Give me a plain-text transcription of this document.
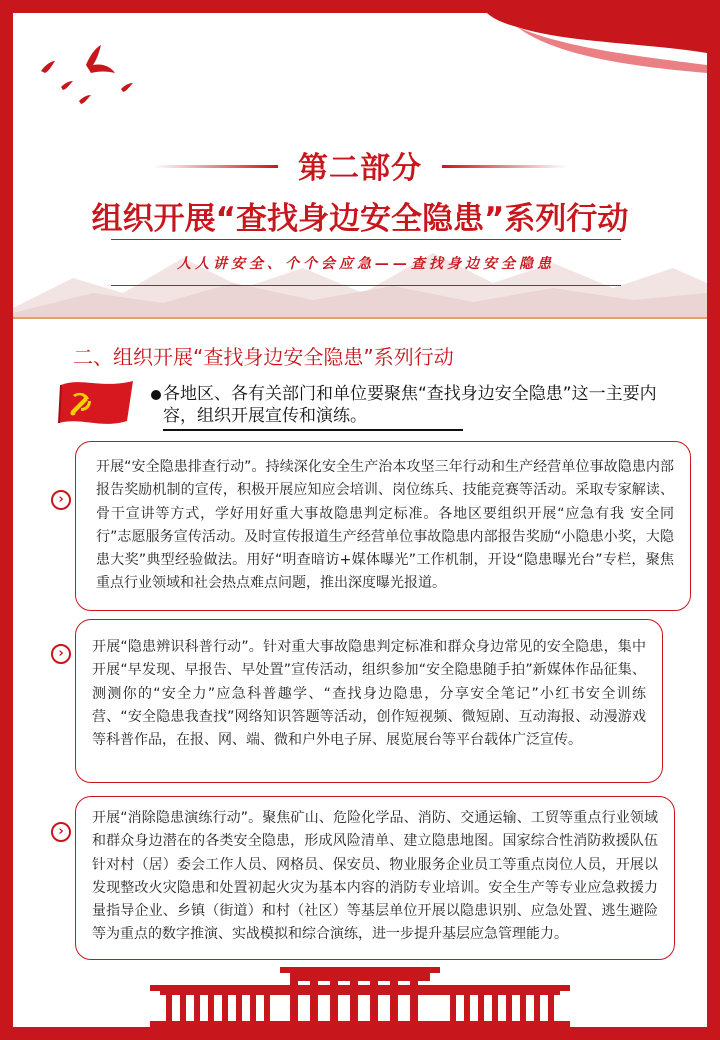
第二部分
组织开展“查找身边安全隐患”系列行动
人人讲安全、个个会应急——查找身边安全隐患
二、组织开展“查找身边安全隐患”系列行动

各地区、各有关部门和单位要聚焦“查找身边安全隐患”这一主要内容，组织开展宣传和演练。

开展“安全隐患排查行动”。持续深化安全生产治本攻坚三年行动和生产经营单位事故隐患内部报告奖励机制的宣传，积极开展应知应会培训、岗位练兵、技能竞赛等活动。采取专家解读、骨干宣讲等方式，学好用好重大事故隐患判定标准。各地区要组织开展“应急有我 安全同行”志愿服务宣传活动。及时宣传报道生产经营单位事故隐患内部报告奖励“小隐患小奖，大隐患大奖”典型经验做法。用好“明查暗访+媒体曝光”工作机制，开设“隐患曝光台”专栏，聚焦重点行业领域和社会热点难点问题，推出深度曝光报道。

›

开展“隐患辨识科普行动”。针对重大事故隐患判定标准和群众身边常见的安全隐患，集中开展“早发现、早报告、早处置”宣传活动，组织参加“安全隐患随手拍”新媒体作品征集、测测你的“安全力”应急科普趣学、“查找身边隐患，分享安全笔记”小红书安全训练营、“安全隐患我查找”网络知识答题等活动，创作短视频、微短剧、互动海报、动漫游戏等科普作品，在报、网、端、微和户外电子屏、展览展台等平台载体广泛宣传。

›

开展“消除隐患演练行动”。聚焦矿山、危险化学品、消防、交通运输、工贸等重点行业领域和群众身边潜在的各类安全隐患，形成风险清单、建立隐患地图。国家综合性消防救援队伍针对村（居）委会工作人员、网格员、保安员、物业服务企业员工等重点岗位人员，开展以发现整改火灾隐患和处置初起火灾为基本内容的消防专业培训。安全生产等专业应急救援力量指导企业、乡镇（街道）和村（社区）等基层单位开展以隐患识别、应急处置、逃生避险等为重点的数字推演、实战模拟和综合演练，进一步提升基层应急管理能力。

›
